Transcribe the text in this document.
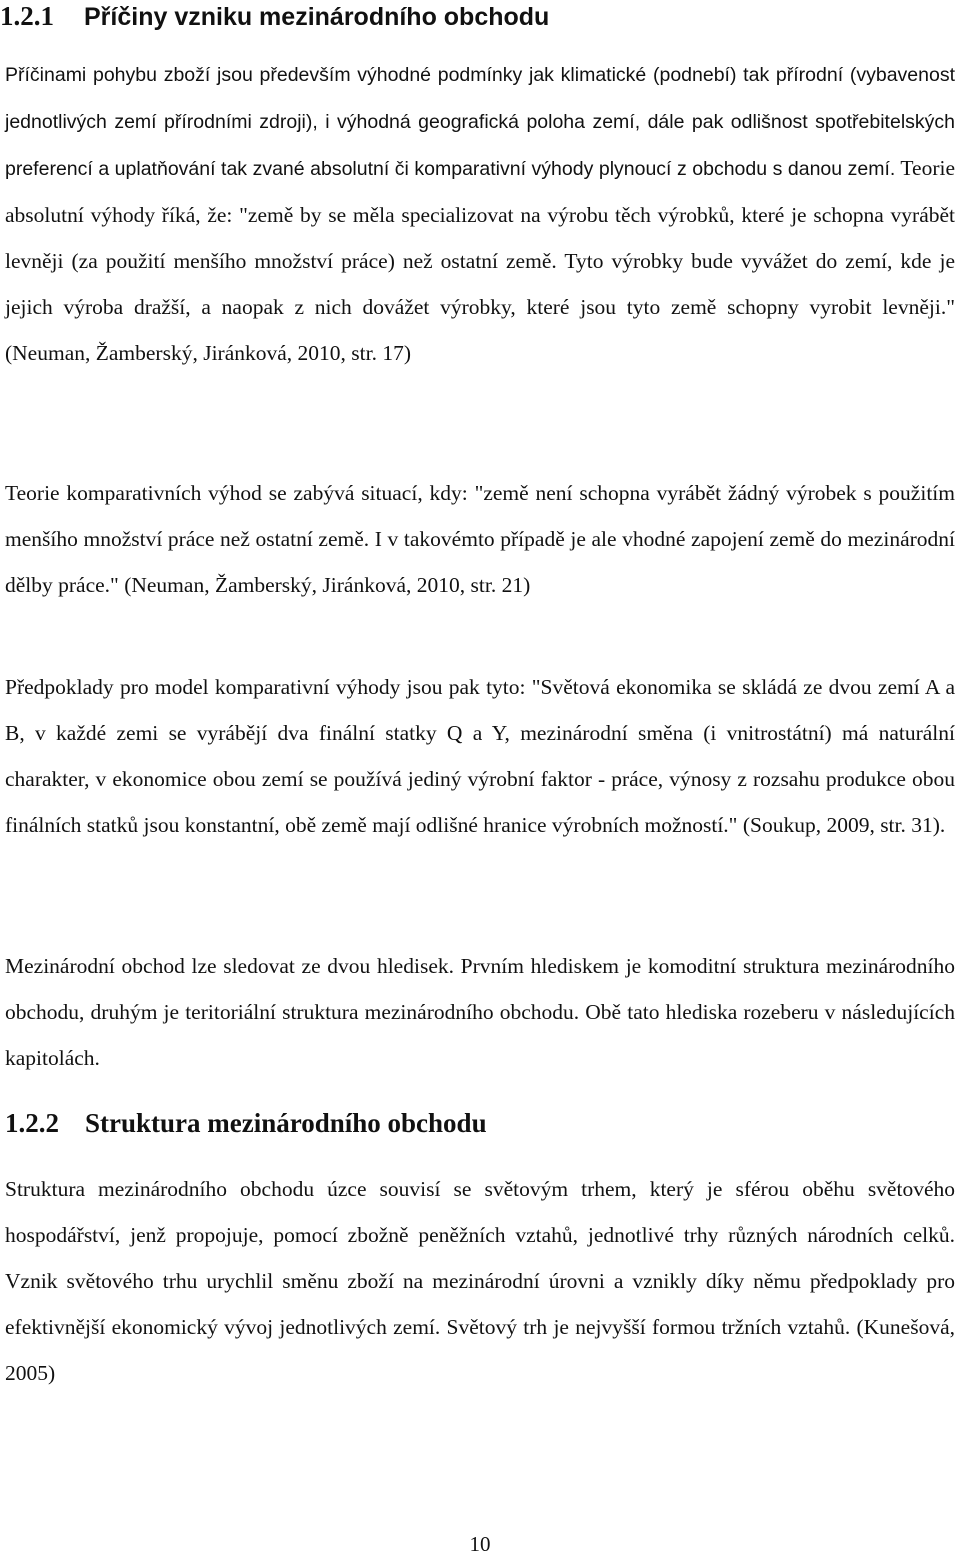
1.2.1 Příčiny vzniku mezinárodního obchodu

Příčinami pohybu zboží jsou především výhodné podmínky jak klimatické (podnebí) tak přírodní (vybavenost jednotlivých zemí přírodními zdroji), i výhodná geografická poloha zemí, dále pak odlišnost spotřebitelských preferencí a uplatňování tak zvané absolutní či komparativní výhody plynoucí z obchodu s danou zemí. Teorie absolutní výhody říká, že: "země by se měla specializovat na výrobu těch výrobků, které je schopna vyrábět levněji (za použití menšího množství práce) než ostatní země. Tyto výrobky bude vyvážet do zemí, kde je jejich výroba dražší, a naopak z nich dovážet výrobky, které jsou tyto země schopny vyrobit levněji." (Neuman, Žamberský, Jiránková, 2010, str. 17)

Teorie komparativních výhod se zabývá situací, kdy: "země není schopna vyrábět žádný výrobek s použitím menšího množství práce než ostatní země. I v takovémto případě je ale vhodné zapojení země do mezinárodní dělby práce." (Neuman, Žamberský, Jiránková, 2010, str. 21)

Předpoklady pro model komparativní výhody jsou pak tyto: "Světová ekonomika se skládá ze dvou zemí A a B, v každé zemi se vyrábějí dva finální statky Q a Y, mezinárodní směna (i vnitrostátní) má naturální charakter, v ekonomice obou zemí se používá jediný výrobní faktor - práce, výnosy z rozsahu produkce obou finálních statků jsou konstantní, obě země mají odlišné hranice výrobních možností." (Soukup, 2009, str. 31).

Mezinárodní obchod lze sledovat ze dvou hledisek. Prvním hlediskem je komoditní struktura mezinárodního obchodu, druhým je teritoriální struktura mezinárodního obchodu. Obě tato hlediska rozeberu v následujících kapitolách.

1.2.2 Struktura mezinárodního obchodu

Struktura mezinárodního obchodu úzce souvisí se světovým trhem, který je sférou oběhu světového hospodářství, jenž propojuje, pomocí zbožně peněžních vztahů, jednotlivé trhy různých národních celků. Vznik světového trhu urychlil směnu zboží na mezinárodní úrovni a vznikly díky němu předpoklady pro efektivnější ekonomický vývoj jednotlivých zemí. Světový trh je nejvyšší formou tržních vztahů. (Kunešová, 2005)

10
